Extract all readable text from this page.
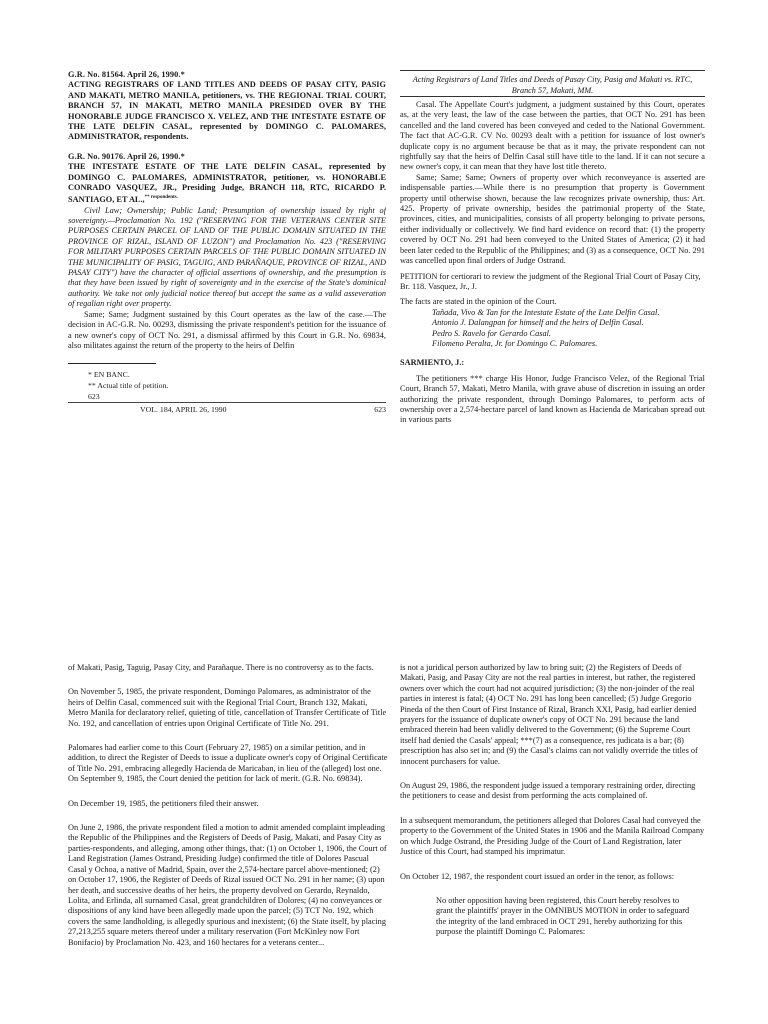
G.R. No. 81564. April 26, 1990.*
ACTING REGISTRARS OF LAND TITLES AND DEEDS OF PASAY CITY, PASIG AND MAKATI, METRO MANILA, petitioners, vs. THE REGIONAL TRIAL COURT, BRANCH 57, IN MAKATI, METRO MANILA PRESIDED OVER BY THE HONORABLE JUDGE FRANCISCO X. VELEZ, AND THE INTESTATE ESTATE OF THE LATE DELFIN CASAL, represented by DOMINGO C. PALOMARES, ADMINISTRATOR, respondents.
G.R. No. 90176. April 26, 1990.*
THE INTESTATE ESTATE OF THE LATE DELFIN CASAL, represented by DOMINGO C. PALOMARES, ADMINISTRATOR, petitioner, vs. HONORABLE CONRADO VASQUEZ, JR., Presiding Judge, BRANCH 118, RTC, RICARDO P. SANTIAGO, ET AL.,$^{** respondents.}$

Civil Law; Ownership; Public Land; Presumption of ownership issued by right of sovereignty.—Proclamation No. 192 ("RESERVING FOR THE VETERANS CENTER SITE PURPOSES CERTAIN PARCEL OF LAND OF THE PUBLIC DOMAIN SITUATED IN THE PROVINCE OF RIZAL, ISLAND OF LUZON") and Proclamation No. 423 ("RESERVING FOR MILITARY PURPOSES CERTAIN PARCELS OF THE PUBLIC DOMAIN SITUATED IN THE MUNICIPALITY OF PASIG, TAGUIG, AND PARAÑAQUE, PROVINCE OF RIZAL, AND PASAY CITY") have the character of official assertions of ownership, and the presumption is that they have been issued by right of sovereignty and in the exercise of the State's dominical authority. We take not only judicial notice thereof but accept the same as a valid asseveration of regalian right over property.

Same; Same; Judgment sustained by this Court operates as the law of the case.—The decision in AC-G.R. No. 00293, dismissing the private respondent's petition for the issuance of a new owner's copy of OCT No. 291, a dismissal affirmed by this Court in G.R. No. 69834, also militates against the return of the property to the heirs of Delfin

* EN BANC.
** Actual title of petition.
623
VOL. 184, APRIL 26, 1990	623
Acting Registrars of Land Titles and Deeds of Pasay City, Pasig and Makati vs. RTC, Branch 57, Makati, MM.

Casal. The Appellate Court's judgment, a judgment sustained by this Court, operates as, at the very least, the law of the case between the parties, that OCT No. 291 has been cancelled and the land covered has been conveyed and ceded to the National Government. The fact that AC-G.R. CV No. 00293 dealt with a petition for issuance of lost owner's duplicate copy is no argument because be that as it may, the private respondent can not rightfully say that the heirs of Delfin Casal still have title to the land. If it can not secure a new owner's copy, it can mean that they have lost title thereto.

Same; Same; Same; Owners of property over which reconveyance is asserted are indispensable parties.—While there is no presumption that property is Government property until otherwise shown, because the law recognizes private ownership, thus: Art. 425. Property of private ownership, besides the patrimonial property of the State, provinces, cities, and municipalities, consists of all property belonging to private persons, either individually or collectively. We find hard evidence on record that: (1) the property covered by OCT No. 291 had been conveyed to the United States of America; (2) it had been later ceded to the Republic of the Philippines; and (3) as a consequence, OCT No. 291 was cancelled upon final orders of Judge Ostrand.

PETITION for certiorari to review the judgment of the Regional Trial Court of Pasay City, Br. 118. Vasquez, Jr., J.

The facts are stated in the opinion of the Court.

Tañada, Vivo & Tan for the Intestate Estate of the Late Delfin Casal.

Antonio J. Dalangpan for himself and the heirs of Delfin Casal.

Pedro S. Ravelo for Gerardo Casal.

Filomeno Peralta, Jr. for Domingo C. Palomares.

SARMIENTO, J.:

The petitioners *** charge His Honor, Judge Francisco Velez, of the Regional Trial Court, Branch 57, Makati, Metro Manila, with grave abuse of discretion in issuing an order authorizing the private respondent, through Domingo Palomares, to perform acts of ownership over a 2,574-hectare parcel of land known as Hacienda de Maricaban spread out in various parts

of Makati, Pasig, Taguig, Pasay City, and Parañaque. There is no controversy as to the facts.

On November 5, 1985, the private respondent, Domingo Palomares, as administrator of the heirs of Delfin Casal, commenced suit with the Regional Trial Court, Branch 132, Makati, Metro Manila for declaratory relief, quieting of title, cancellation of Transfer Certificate of Title No. 192, and cancellation of entries upon Original Certificate of Title No. 291.

Palomares had earlier come to this Court (February 27, 1985) on a similar petition, and in addition, to direct the Register of Deeds to issue a duplicate owner's copy of Original Certificate of Title No. 291, embracing allegedly Hacienda de Maricaban, in lieu of the (alleged) lost one. On September 9, 1985, the Court denied the petition for lack of merit. (G.R. No. 69834).

On December 19, 1985, the petitioners filed their answer.

On June 2, 1986, the private respondent filed a motion to admit amended complaint impleading the Republic of the Philippines and the Registers of Deeds of Pasig, Makati, and Pasay City as parties-respondents, and alleging, among other things, that: (1) on October 1, 1906, the Court of Land Registration (James Ostrand, Presiding Judge) confirmed the title of Dolores Pascual Casal y Ochoa, a native of Madrid, Spain, over the 2,574-hectare parcel above-mentioned; (2) on October 17, 1906, the Register of Deeds of Rizal issued OCT No. 291 in her name; (3) upon her death, and successive deaths of her heirs, the property devolved on Gerardo, Reynaldo, Lolita, and Erlinda, all surnamed Casal, great grandchildren of Dolores; (4) no conveyances or dispositions of any kind have been allegedly made upon the parcel; (5) TCT No. 192, which covers the same landholding, is allegedly spurious and inexistent; (6) the State itself, by placing 27,213,255 square meters thereof under a military reservation (Fort McKinley now Fort Bonifacio) by Proclamation No. 423, and 160 hectares for a veterans center...

is not a juridical person authorized by law to bring suit; (2) the Registers of Deeds of Makati, Pasig, and Pasay City are not the real parties in interest, but rather, the registered owners over which the court had not acquired jurisdiction; (3) the non-joinder of the real parties in interest is fatal; (4) OCT No. 291 has long been cancelled; (5) Judge Gregorio Pineda of the then Court of First Instance of Rizal, Branch XXI, Pasig, had earlier denied prayers for the issuance of duplicate owner's copy of OCT No. 291 because the land embraced therein had been validly delivered to the Government; (6) the Supreme Court itself had denied the Casals' appeal; ***(7) as a consequence, res judicata is a bar; (8) prescription has also set in; and (9) the Casal's claims can not validly override the titles of innocent purchasers for value.

On August 29, 1986, the respondent judge issued a temporary restraining order, directing the petitioners to cease and desist from performing the acts complained of.

In a subsequent memorandum, the petitioners alleged that Dolores Casal had conveyed the property to the Government of the United States in 1906 and the Manila Railroad Company on which Judge Ostrand, the Presiding Judge of the Court of Land Registration, later Justice of this Court, had stamped his imprimatur.

On October 12, 1987, the respondent court issued an order in the tenor, as follows:

No other opposition having been registered, this Court hereby resolves to grant the plaintiffs' prayer in the OMNIBUS MOTION in order to safeguard the integrity of the land embraced in OCT 291, hereby authorizing for this purpose the plaintiff Domingo C. Palomares:
